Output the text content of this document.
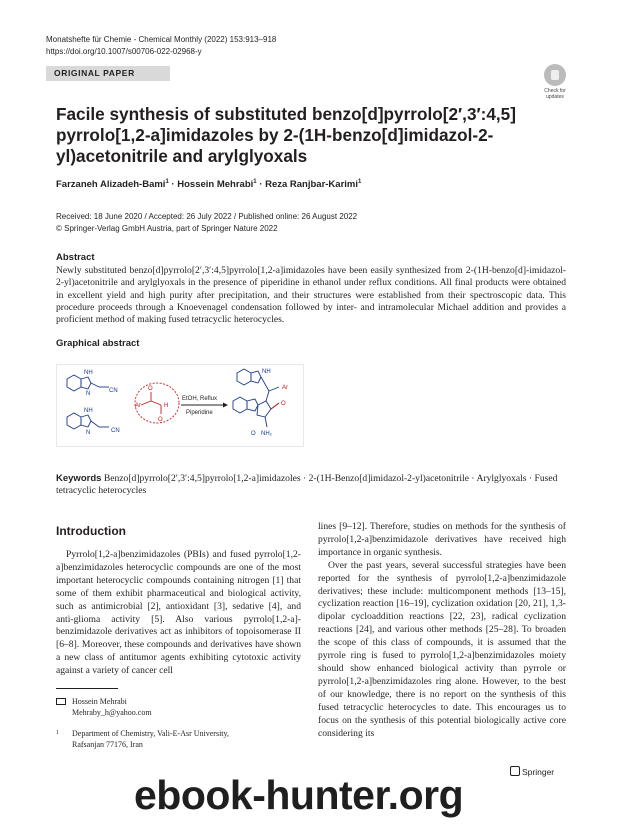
Monatshefte für Chemie - Chemical Monthly (2022) 153:913–918
https://doi.org/10.1007/s00706-022-02968-y
ORIGINAL PAPER
Check for updates
Facile synthesis of substituted benzo[d]pyrrolo[2′,3′:4,5] pyrrolo[1,2-a]imidazoles by 2-(1H-benzo[d]imidazol-2-yl)acetonitrile and arylglyoxals
Farzaneh Alizadeh-Bami$^1$ · Hossein Mehrabi$^1$ · Reza Ranjbar-Karimi$^1$
Received: 18 June 2020 / Accepted: 26 July 2022 / Published online: 26 August 2022
© Springer-Verlag GmbH Austria, part of Springer Nature 2022
Abstract
Newly substituted benzo[d]pyrrolo[2′,3′:4,5]pyrrolo[1,2-a]imidazoles have been easily synthesized from 2-(1H-benzo[d]-imidazol-2-yl)acetonitrile and arylglyoxals in the presence of piperidine in ethanol under reflux conditions. All final products were obtained in excellent yield and high purity after precipitation, and their structures were established from their spectroscopic data. This procedure proceeds through a Knoevenagel condensation followed by inter- and intramolecular Michael addition and provides a proficient method of making fused tetracyclic heterocycles.
Graphical abstract
NH
N	CN
NH
N	CN
O
O
Ar	H
EtOH, Reflux
Piperidine
NH
Ar
O
NH₂
O
Keywords Benzo[d]pyrrolo[2′,3′:4,5]pyrrolo[1,2-a]imidazoles · 2-(1H-Benzo[d]imidazol-2-yl)acetonitrile · Arylglyoxals · Fused tetracyclic heterocycles
Introduction

Pyrrolo[1,2-a]benzimidazoles (PBIs) and fused pyrrolo[1,2-a]benzimidazoles heterocyclic compounds are one of the most important heterocyclic compounds containing nitrogen [1] that some of them exhibit pharmaceutical and biological activity, such as antimicrobial [2], antioxidant [3], sedative [4], and anti-glioma activity [5]. Also various pyrrolo[1,2-a]-benzimidazole derivatives act as inhibitors of topoisomerase II [6–8]. Moreover, these compounds and derivatives have shown a new class of antitumor agents exhibiting cytotoxic activity against a variety of cancer cell

lines [9–12]. Therefore, studies on methods for the synthesis of pyrrolo[1,2-a]benzimidazole derivatives have received high importance in organic synthesis.

Over the past years, several successful strategies have been reported for the synthesis of pyrrolo[1,2-a]benzimidazole derivatives; these include: multicomponent methods [13–15], cyclization reaction [16–19], cyclization oxidation [20, 21], 1,3-dipolar cycloaddition reactions [22, 23], radical cyclization reactions [24], and various other methods [25–28]. To broaden the scope of this class of compounds, it is assumed that the pyrrole ring is fused to pyrrolo[1,2-a]benzimidazoles moiety should show enhanced biological activity than pyrrole or pyrrolo[1,2-a]benzimidazoles ring alone. However, to the best of our knowledge, there is no report on the synthesis of this fused tetracyclic heterocycles to date. This encourages us to focus on the synthesis of this potential biologically active core considering its

Hossein Mehrabi
Mehraby_h@yahoo.com
1 Department of Chemistry, Vali-E-Asr University,
Rafsanjan 77176, Iran
Springer
ebook-hunter.org
